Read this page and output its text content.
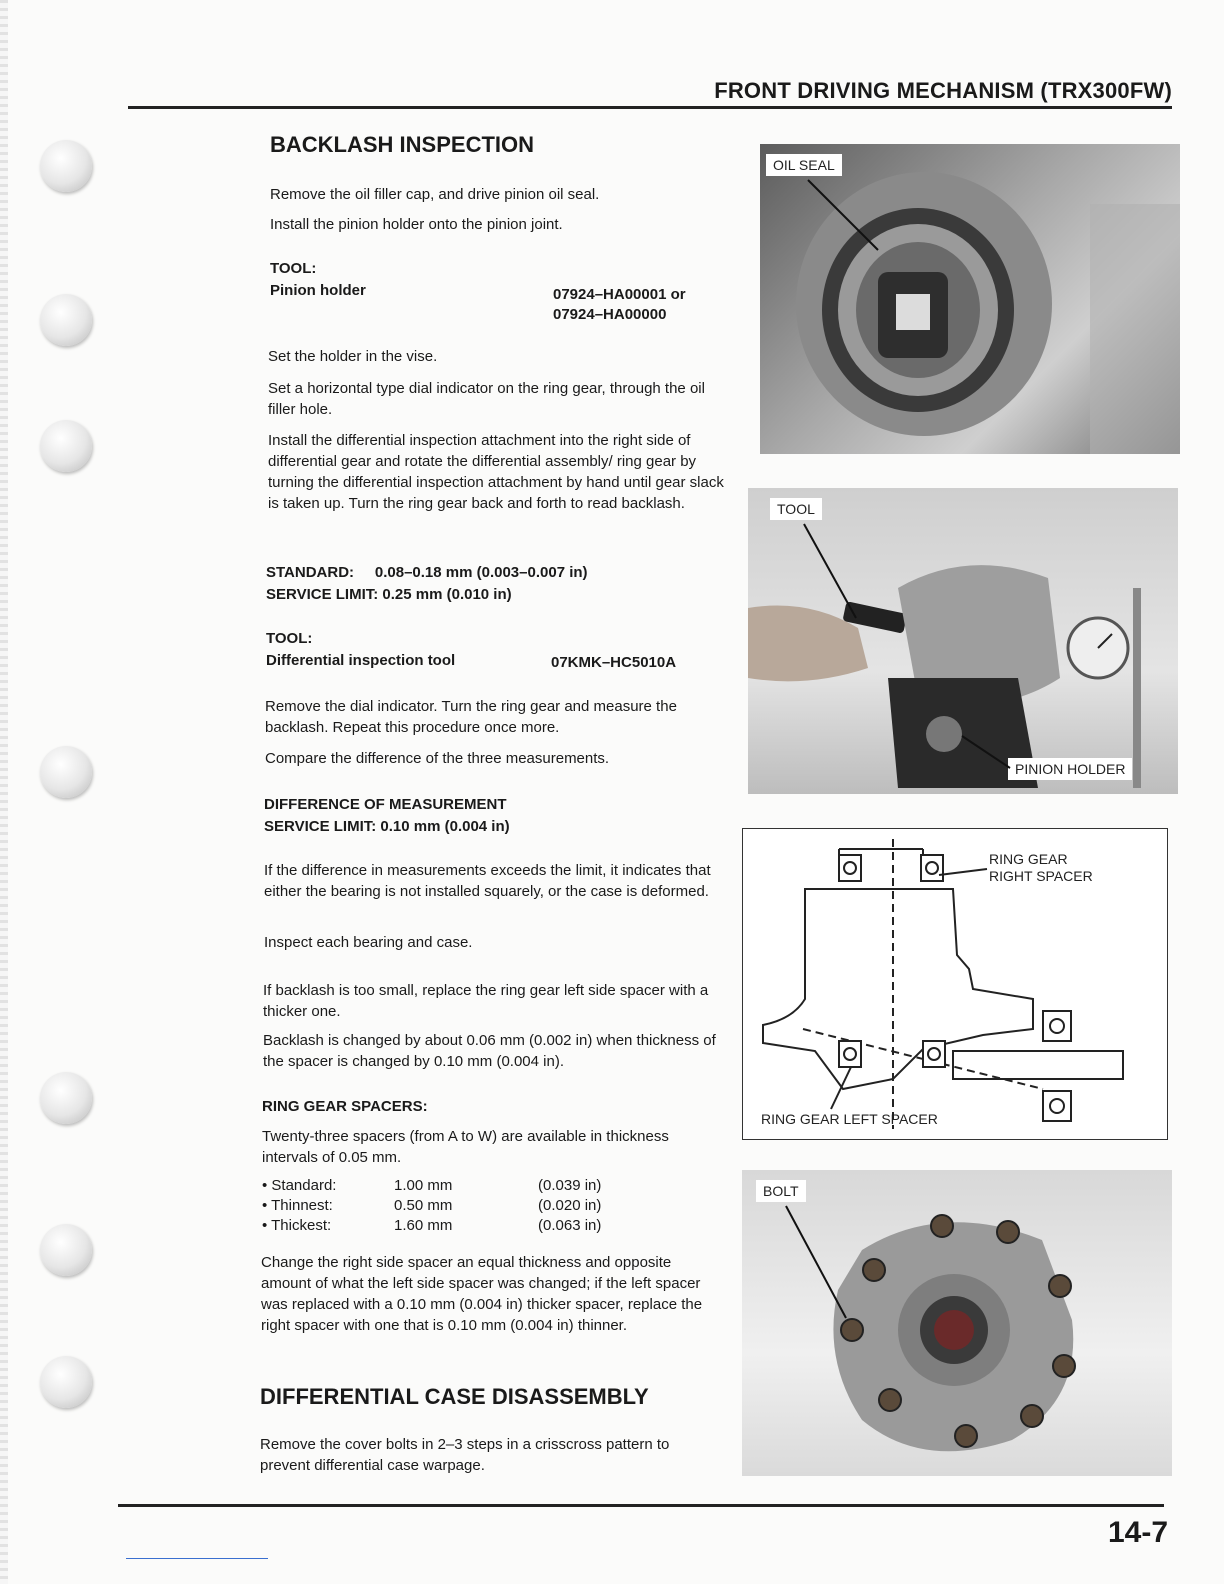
FRONT DRIVING MECHANISM (TRX300FW)
BACKLASH INSPECTION
Remove the oil filler cap, and drive pinion oil seal.
Install the pinion holder onto the pinion joint.
TOOL:
Pinion holder	07924–HA00001 or
07924–HA00000
Set the holder in the vise.
Set a horizontal type dial indicator on the ring gear, through the oil filler hole.
Install the differential inspection attachment into the right side of differential gear and rotate the differential assembly/ ring gear by turning the differential inspection attachment by hand until gear slack is taken up. Turn the ring gear back and forth to read backlash.
STANDARD:     0.08–0.18 mm (0.003–0.007 in)
SERVICE LIMIT: 0.25 mm (0.010 in)
TOOL:
Differential inspection tool	07KMK–HC5010A
Remove the dial indicator. Turn the ring gear and measure the backlash. Repeat this procedure once more.
Compare the difference of the three measurements.
DIFFERENCE OF MEASUREMENT
SERVICE LIMIT: 0.10 mm (0.004 in)
If the difference in measurements exceeds the limit, it indicates that either the bearing is not installed squarely, or the case is deformed.
Inspect each bearing and case.
If backlash is too small, replace the ring gear left side spacer with a thicker one.
Backlash is changed by about 0.06 mm (0.002 in) when thickness of the spacer is changed by 0.10 mm (0.004 in).
RING GEAR SPACERS:
Twenty-three spacers (from A to W) are available in thickness intervals of 0.05 mm.
• Standard:	1.00 mm	(0.039 in)
• Thinnest:	0.50 mm	(0.020 in)
• Thickest:	1.60 mm	(0.063 in)
Change the right side spacer an equal thickness and opposite amount of what the left side spacer was changed; if the left spacer was replaced with a 0.10 mm (0.004 in) thicker spacer, replace the right spacer with one that is 0.10 mm (0.004 in) thinner.
DIFFERENTIAL CASE DISASSEMBLY
Remove the cover bolts in 2–3 steps in a crisscross pattern to prevent differential case warpage.
OIL SEAL
TOOL
PINION HOLDER
RING GEAR
RIGHT SPACER
RING GEAR LEFT SPACER
BOLT
14-7
